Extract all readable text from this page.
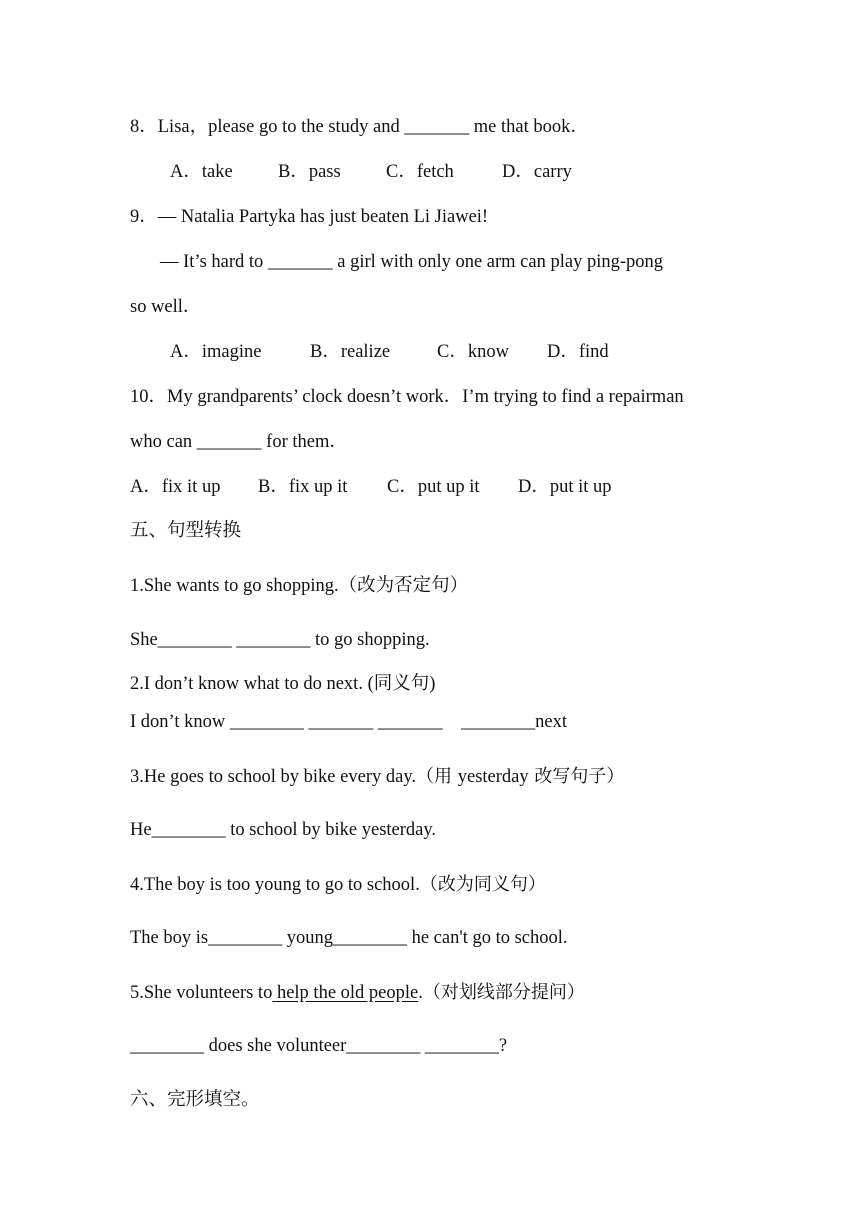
8．Lisa，please go to the study and _______ me that book．
A．take B．pass C．fetch	D．carry
9．— Natalia Partyka has just beaten Li Jiawei!
— It’s hard to _______ a girl with only one arm can play ping-pong
so well．
A．imagine	B．realize	C．know D．find
10．My grandparents’ clock doesn’t work．I’m trying to find a repairman
who can _______ for them．
A．fix it up B．fix up it C．put up it D．put it up
五、句型转换
1.She wants to go shopping.（改为否定句）
She________ ________ to go shopping.
2.I don’t know what to do next. (同义句)
I don’t know ________ _______ _______    ________next
3.He goes to school by bike every day.（用 yesterday 改写句子）
He________ to school by bike yesterday.
4.The boy is too young to go to school.（改为同义句）
The boy is________ young________ he can't go to school.
5.She volunteers to help the old people.（对划线部分提问）
________ does she volunteer________ ________?
六、完形填空。
